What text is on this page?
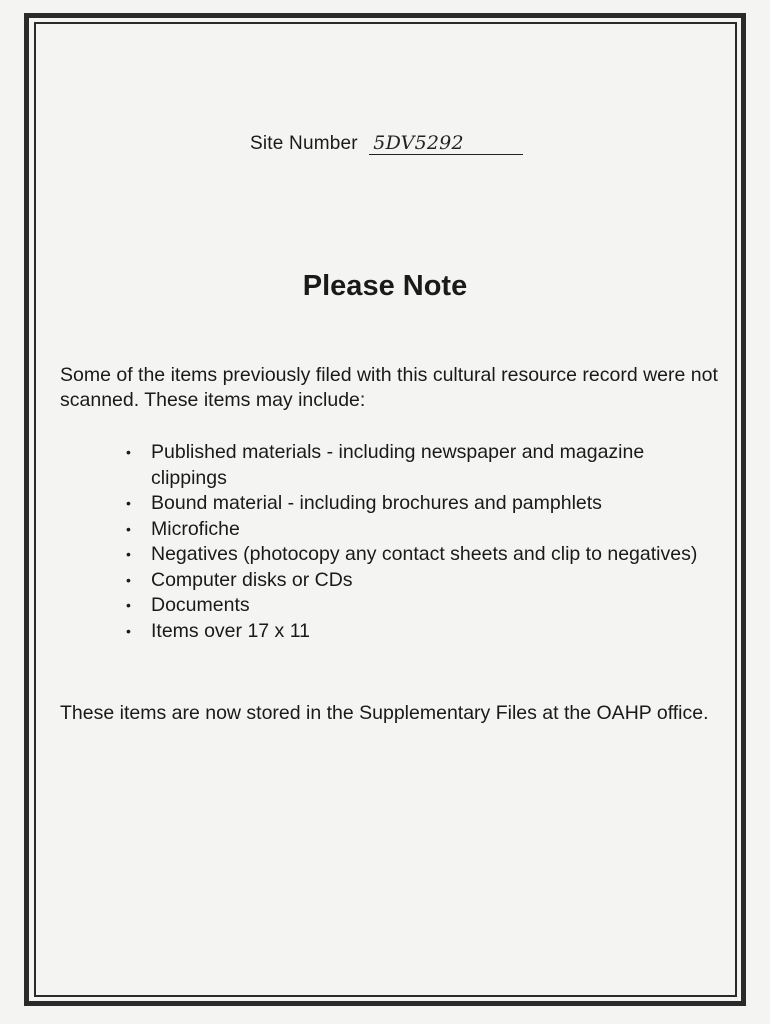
Site Number 5DV5292
Please Note

Some of the items previously filed with this cultural resource record were not scanned. These items may include:

• Published materials - including newspaper and magazine clippings
• Bound material - including brochures and pamphlets
• Microfiche
• Negatives (photocopy any contact sheets and clip to negatives)
• Computer disks or CDs
• Documents
• Items over 17 x 11

These items are now stored in the Supplementary Files at the OAHP office.
